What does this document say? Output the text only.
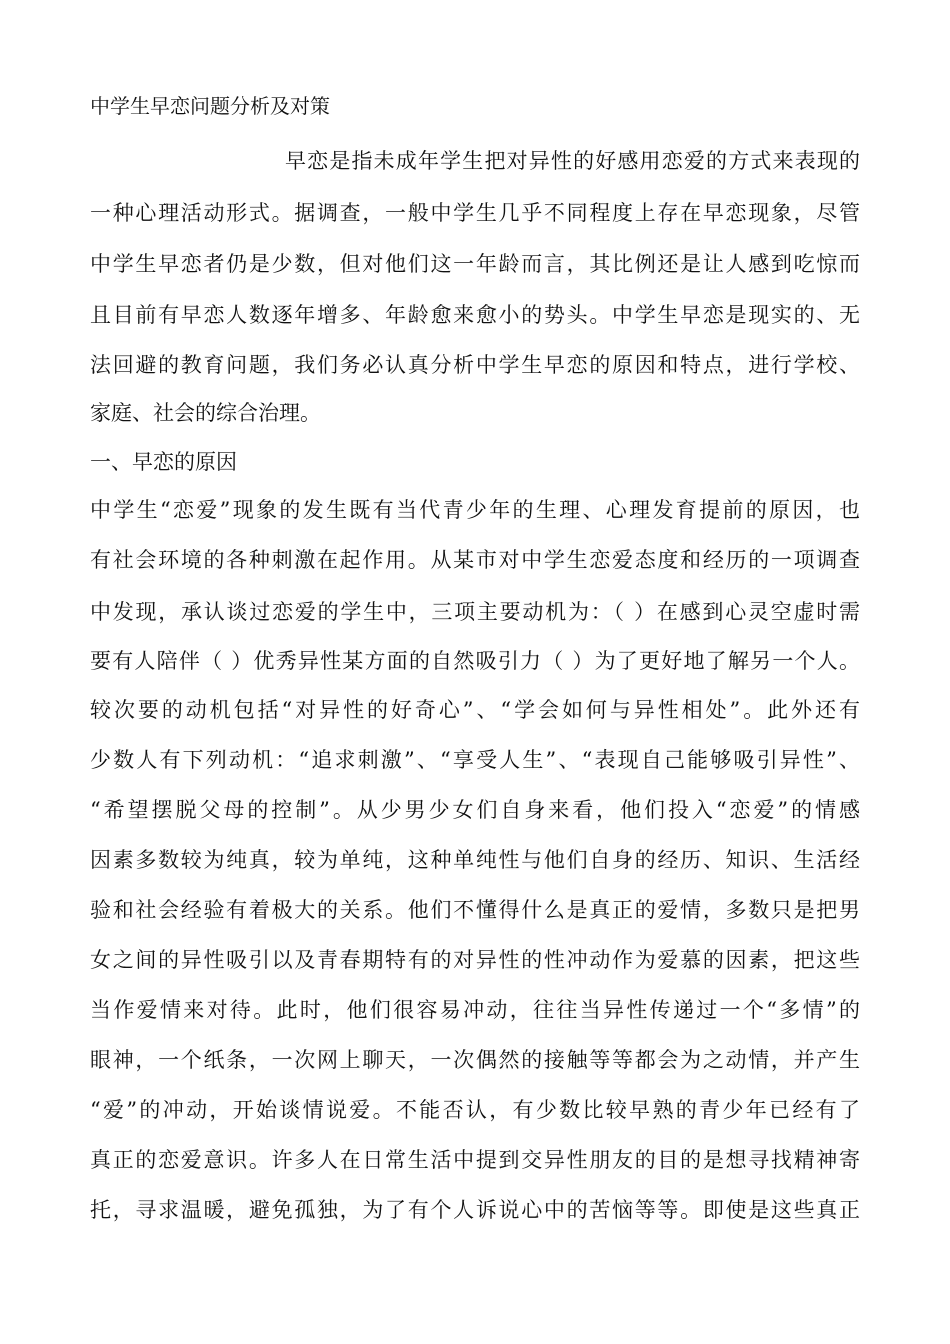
中学生早恋问题分析及对策
早恋是指未成年学生把对异性的好感用恋爱的方式来表现的
一种心理活动形式。据调查，一般中学生几乎不同程度上存在早恋现象，尽管
中学生早恋者仍是少数，但对他们这一年龄而言，其比例还是让人感到吃惊而
且目前有早恋人数逐年增多、年龄愈来愈小的势头。中学生早恋是现实的、无
法回避的教育问题，我们务必认真分析中学生早恋的原因和特点，进行学校、
家庭、社会的综合治理。
一、早恋的原因
中学生“恋爱”现象的发生既有当代青少年的生理、心理发育提前的原因，也
有社会环境的各种刺激在起作用。从某市对中学生恋爱态度和经历的一项调查
中发现，承认谈过恋爱的学生中，三项主要动机为：（ ）在感到心灵空虚时需
要有人陪伴（ ）优秀异性某方面的自然吸引力（ ）为了更好地了解另一个人。
较次要的动机包括“对异性的好奇心”、“学会如何与异性相处”。此外还有
少数人有下列动机：“追求刺激”、“享受人生”、“表现自己能够吸引异性”、
“希望摆脱父母的控制”。从少男少女们自身来看，他们投入“恋爱”的情感
因素多数较为纯真，较为单纯，这种单纯性与他们自身的经历、知识、生活经
验和社会经验有着极大的关系。他们不懂得什么是真正的爱情，多数只是把男
女之间的异性吸引以及青春期特有的对异性的性冲动作为爱慕的因素，把这些
当作爱情来对待。此时，他们很容易冲动，往往当异性传递过一个“多情”的
眼神，一个纸条，一次网上聊天，一次偶然的接触等等都会为之动情，并产生
“爱”的冲动，开始谈情说爱。不能否认，有少数比较早熟的青少年已经有了
真正的恋爱意识。许多人在日常生活中提到交异性朋友的目的是想寻找精神寄
托，寻求温暖，避免孤独，为了有个人诉说心中的苦恼等等。即使是这些真正
